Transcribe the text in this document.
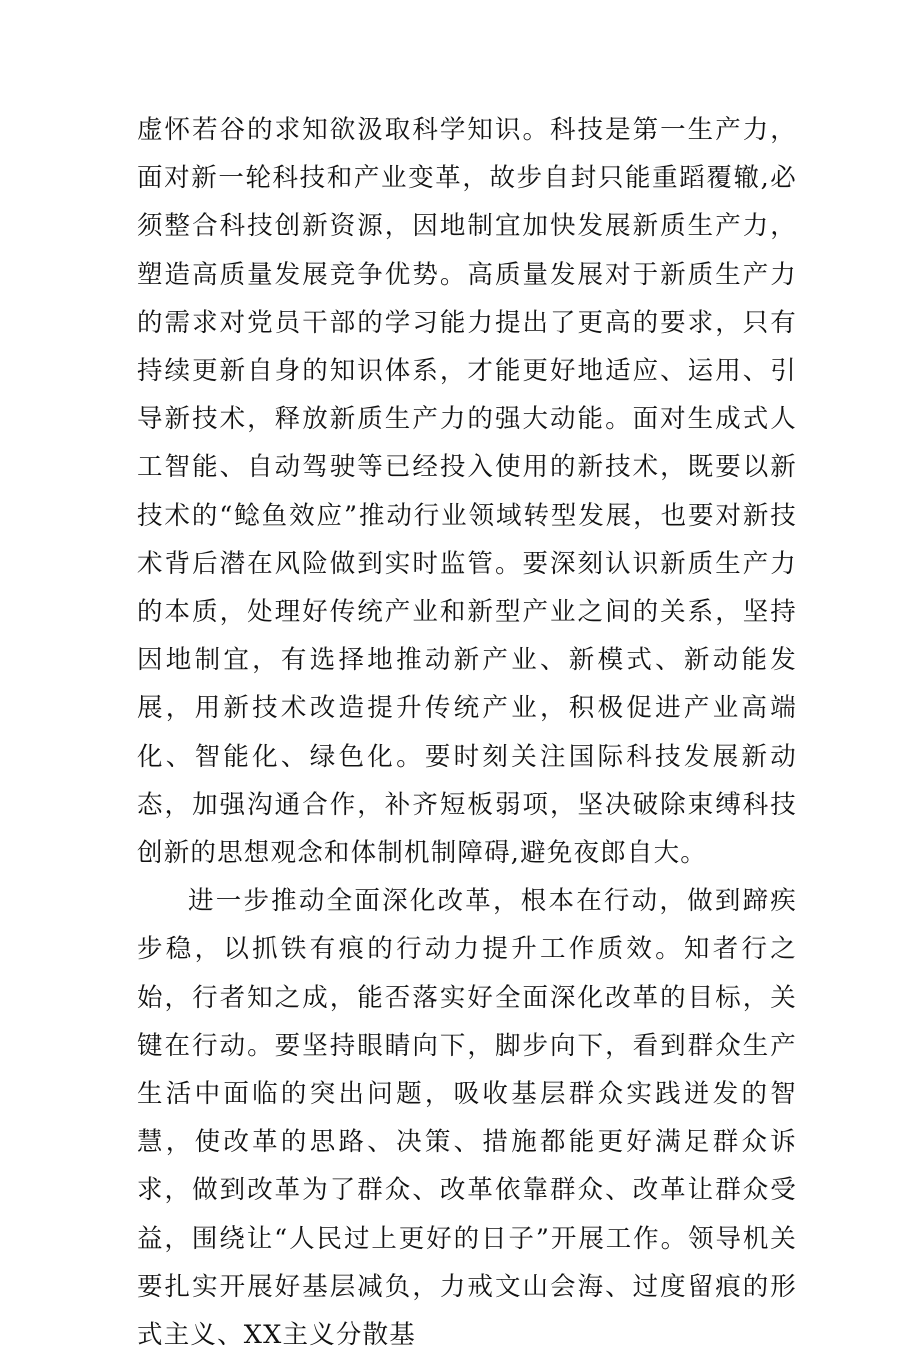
虚怀若谷的求知欲汲取科学知识。科技是第一生产力，面对新一轮科技和产业变革，故步自封只能重蹈覆辙,必须整合科技创新资源，因地制宜加快发展新质生产力，塑造高质量发展竞争优势。高质量发展对于新质生产力的需求对党员干部的学习能力提出了更高的要求，只有持续更新自身的知识体系，才能更好地适应、运用、引导新技术，释放新质生产力的强大动能。面对生成式人工智能、自动驾驶等已经投入使用的新技术，既要以新技术的“鲶鱼效应”推动行业领域转型发展，也要对新技术背后潜在风险做到实时监管。要深刻认识新质生产力的本质，处理好传统产业和新型产业之间的关系，坚持因地制宜，有选择地推动新产业、新模式、新动能发展，用新技术改造提升传统产业，积极促进产业高端化、智能化、绿色化。要时刻关注国际科技发展新动态，加强沟通合作，补齐短板弱项，坚决破除束缚科技创新的思想观念和体制机制障碍,避免夜郎自大。

进一步推动全面深化改革，根本在行动，做到蹄疾步稳，以抓铁有痕的行动力提升工作质效。知者行之始，行者知之成，能否落实好全面深化改革的目标，关键在行动。要坚持眼睛向下，脚步向下，看到群众生产生活中面临的突出问题，吸收基层群众实践迸发的智慧，使改革的思路、决策、措施都能更好满足群众诉求，做到改革为了群众、改革依靠群众、改革让群众受益，围绕让“人民过上更好的日子”开展工作。领导机关要扎实开展好基层减负，力戒文山会海、过度留痕的形式主义、XX主义分散基
